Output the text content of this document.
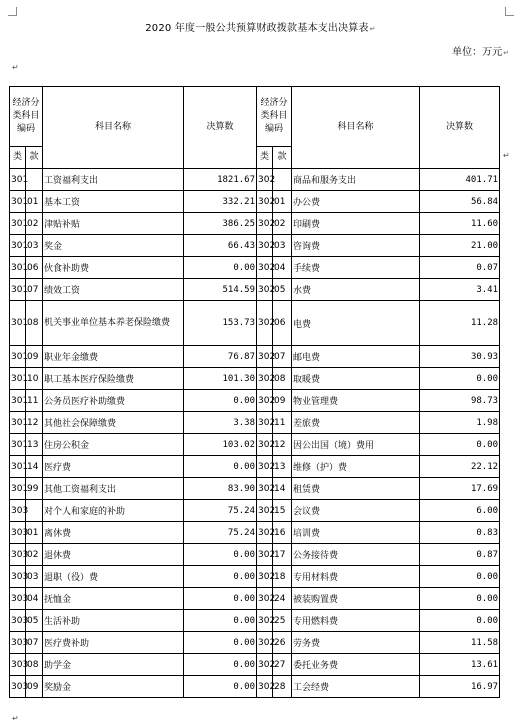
2020 年度一般公共预算财政拨款基本支出决算表↵
单位：万元↵
↵
↵
↵
经济分类科目编码		科目名称	决算数	经济分类科目编码		科目名称	决算数
类	款			类	款		
301		工资福利支出	1821.67	302		商品和服务支出	401.71
301	01	基本工资	332.21	302	01	办公费	56.84
301	02	津贴补贴	386.25	302	02	印刷费	11.60
301	03	奖金	66.43	302	03	咨询费	21.00
301	06	伙食补助费	0.00	302	04	手续费	0.07
301	07	绩效工资	514.59	302	05	水费	3.41
301	08	机关事业单位基本养老保险缴费	153.73	302	06	电费	11.28
301	09	职业年金缴费	76.87	302	07	邮电费	30.93
301	10	职工基本医疗保险缴费	101.30	302	08	取暖费	0.00
301	11	公务员医疗补助缴费	0.00	302	09	物业管理费	98.73
301	12	其他社会保障缴费	3.38	302	11	差旅费	1.98
301	13	住房公积金	103.02	302	12	因公出国（境）费用	0.00
301	14	医疗费	0.00	302	13	维修（护）费	22.12
301	99	其他工资福利支出	83.90	302	14	租赁费	17.69
303		对个人和家庭的补助	75.24	302	15	会议费	6.00
303	01	离休费	75.24	302	16	培训费	0.83
303	02	退休费	0.00	302	17	公务接待费	0.87
303	03	退职（役）费	0.00	302	18	专用材料费	0.00
303	04	抚恤金	0.00	302	24	被装购置费	0.00
303	05	生活补助	0.00	302	25	专用燃料费	0.00
303	07	医疗费补助	0.00	302	26	劳务费	11.58
303	08	助学金	0.00	302	27	委托业务费	13.61
303	09	奖励金	0.00	302	28	工会经费	16.97
